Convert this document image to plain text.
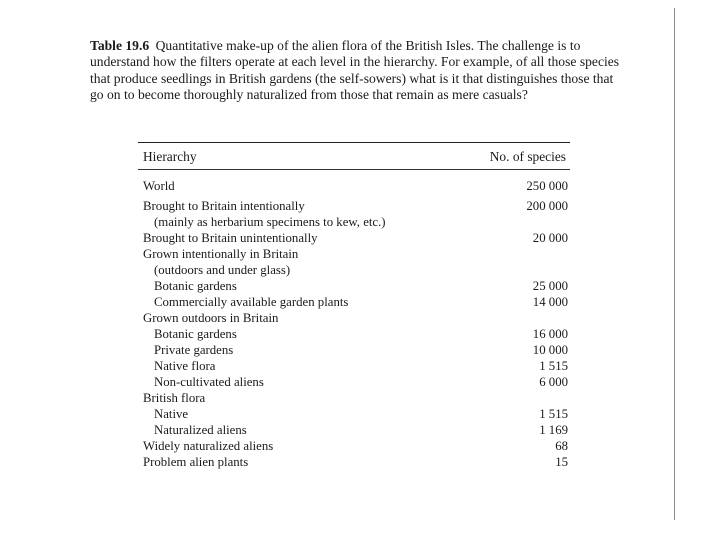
Table 19.6 Quantitative make-up of the alien flora of the British Isles. The challenge is to understand how the filters operate at each level in the hierarchy. For example, of all those species that produce seedlings in British gardens (the self-sowers) what is it that distinguishes those that go on to become thoroughly naturalized from those that remain as mere casuals?
Hierarchy	No. of species
World	250 000
Brought to Britain intentionally	200 000
(mainly as herbarium specimens to kew, etc.)
Brought to Britain unintentionally	20 000
Grown intentionally in Britain
(outdoors and under glass)
Botanic gardens	25 000
Commercially available garden plants	14 000
Grown outdoors in Britain
Botanic gardens	16 000
Private gardens	10 000
Native flora	1 515
Non-cultivated aliens	6 000
British flora
Native	1 515
Naturalized aliens	1 169
Widely naturalized aliens	68
Problem alien plants	15
